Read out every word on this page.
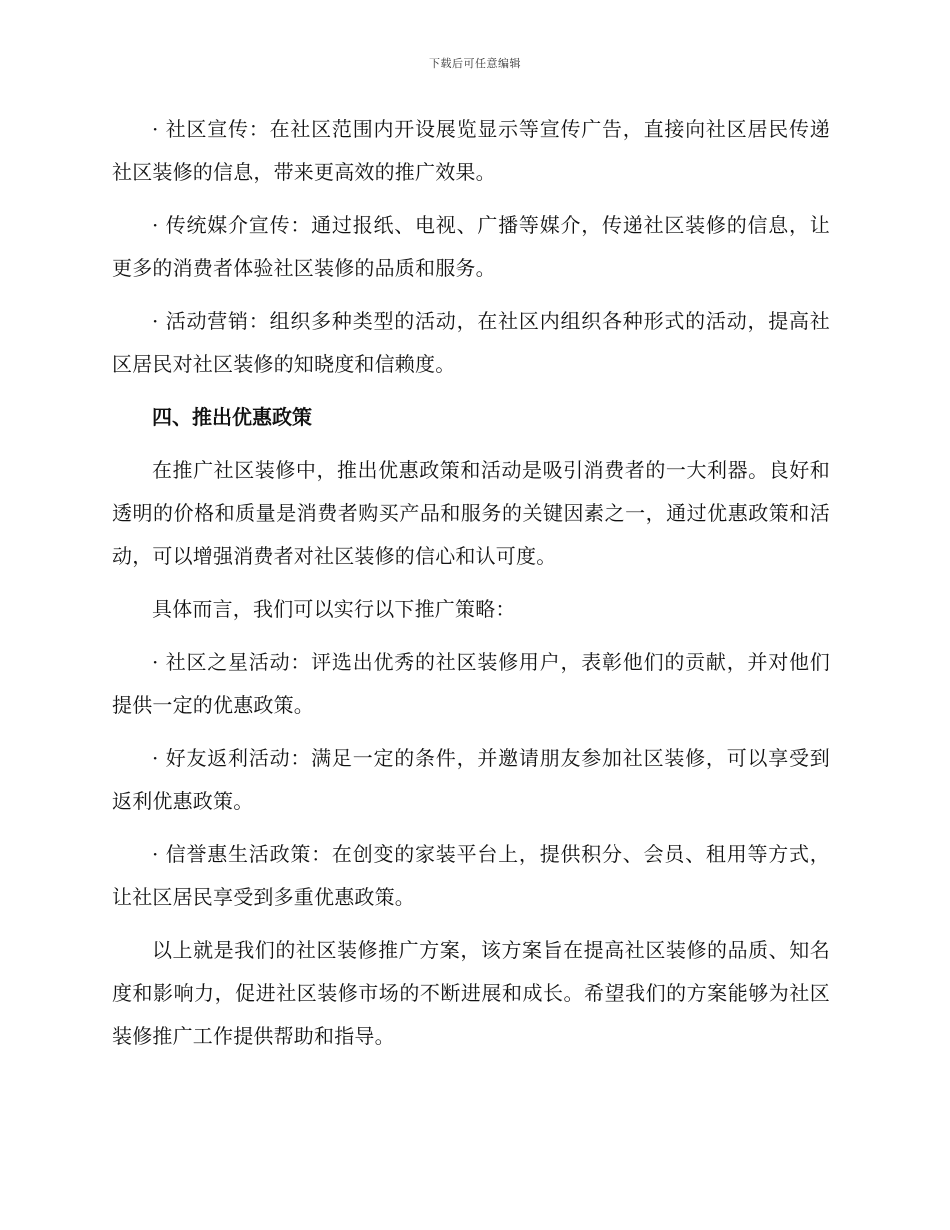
下载后可任意编辑

· 社区宣传：在社区范围内开设展览显示等宣传广告，直接向社区居民传递社区装修的信息，带来更高效的推广效果。

· 传统媒介宣传：通过报纸、电视、广播等媒介，传递社区装修的信息，让更多的消费者体验社区装修的品质和服务。

· 活动营销：组织多种类型的活动，在社区内组织各种形式的活动，提高社区居民对社区装修的知晓度和信赖度。

四、推出优惠政策

在推广社区装修中，推出优惠政策和活动是吸引消费者的一大利器。良好和透明的价格和质量是消费者购买产品和服务的关键因素之一，通过优惠政策和活动，可以增强消费者对社区装修的信心和认可度。

具体而言，我们可以实行以下推广策略：

· 社区之星活动：评选出优秀的社区装修用户，表彰他们的贡献，并对他们提供一定的优惠政策。

· 好友返利活动：满足一定的条件，并邀请朋友参加社区装修，可以享受到返利优惠政策。

· 信誉惠生活政策：在创变的家装平台上，提供积分、会员、租用等方式，让社区居民享受到多重优惠政策。

以上就是我们的社区装修推广方案，该方案旨在提高社区装修的品质、知名度和影响力，促进社区装修市场的不断进展和成长。希望我们的方案能够为社区装修推广工作提供帮助和指导。
